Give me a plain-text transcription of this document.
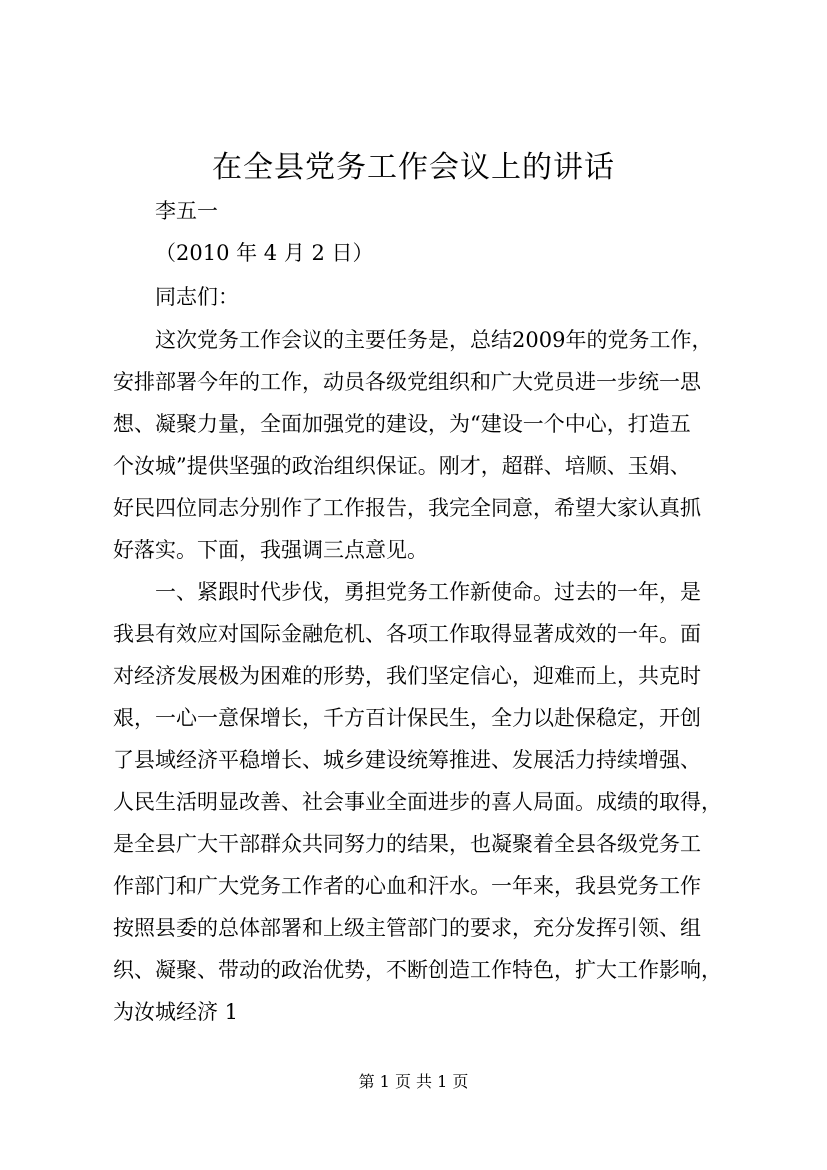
在全县党务工作会议上的讲话
李五一
（2010 年 4 月 2 日）
同志们：
这次党务工作会议的主要任务是，总结2009年的党务工作，
安排部署今年的工作，动员各级党组织和广大党员进一步统一思
想、凝聚力量，全面加强党的建设，为“建设一个中心，打造五
个汝城”提供坚强的政治组织保证。刚才，超群、培顺、玉娟、
好民四位同志分别作了工作报告，我完全同意，希望大家认真抓
好落实。下面，我强调三点意见。
一、紧跟时代步伐，勇担党务工作新使命。过去的一年，是
我县有效应对国际金融危机、各项工作取得显著成效的一年。面
对经济发展极为困难的形势，我们坚定信心，迎难而上，共克时
艰，一心一意保增长，千方百计保民生，全力以赴保稳定，开创
了县域经济平稳增长、城乡建设统筹推进、发展活力持续增强、
人民生活明显改善、社会事业全面进步的喜人局面。成绩的取得，
是全县广大干部群众共同努力的结果，也凝聚着全县各级党务工
作部门和广大党务工作者的心血和汗水。一年来，我县党务工作
按照县委的总体部署和上级主管部门的要求，充分发挥引领、组
织、凝聚、带动的政治优势，不断创造工作特色，扩大工作影响，
为汝城经济 1
第 1 页 共 1 页
